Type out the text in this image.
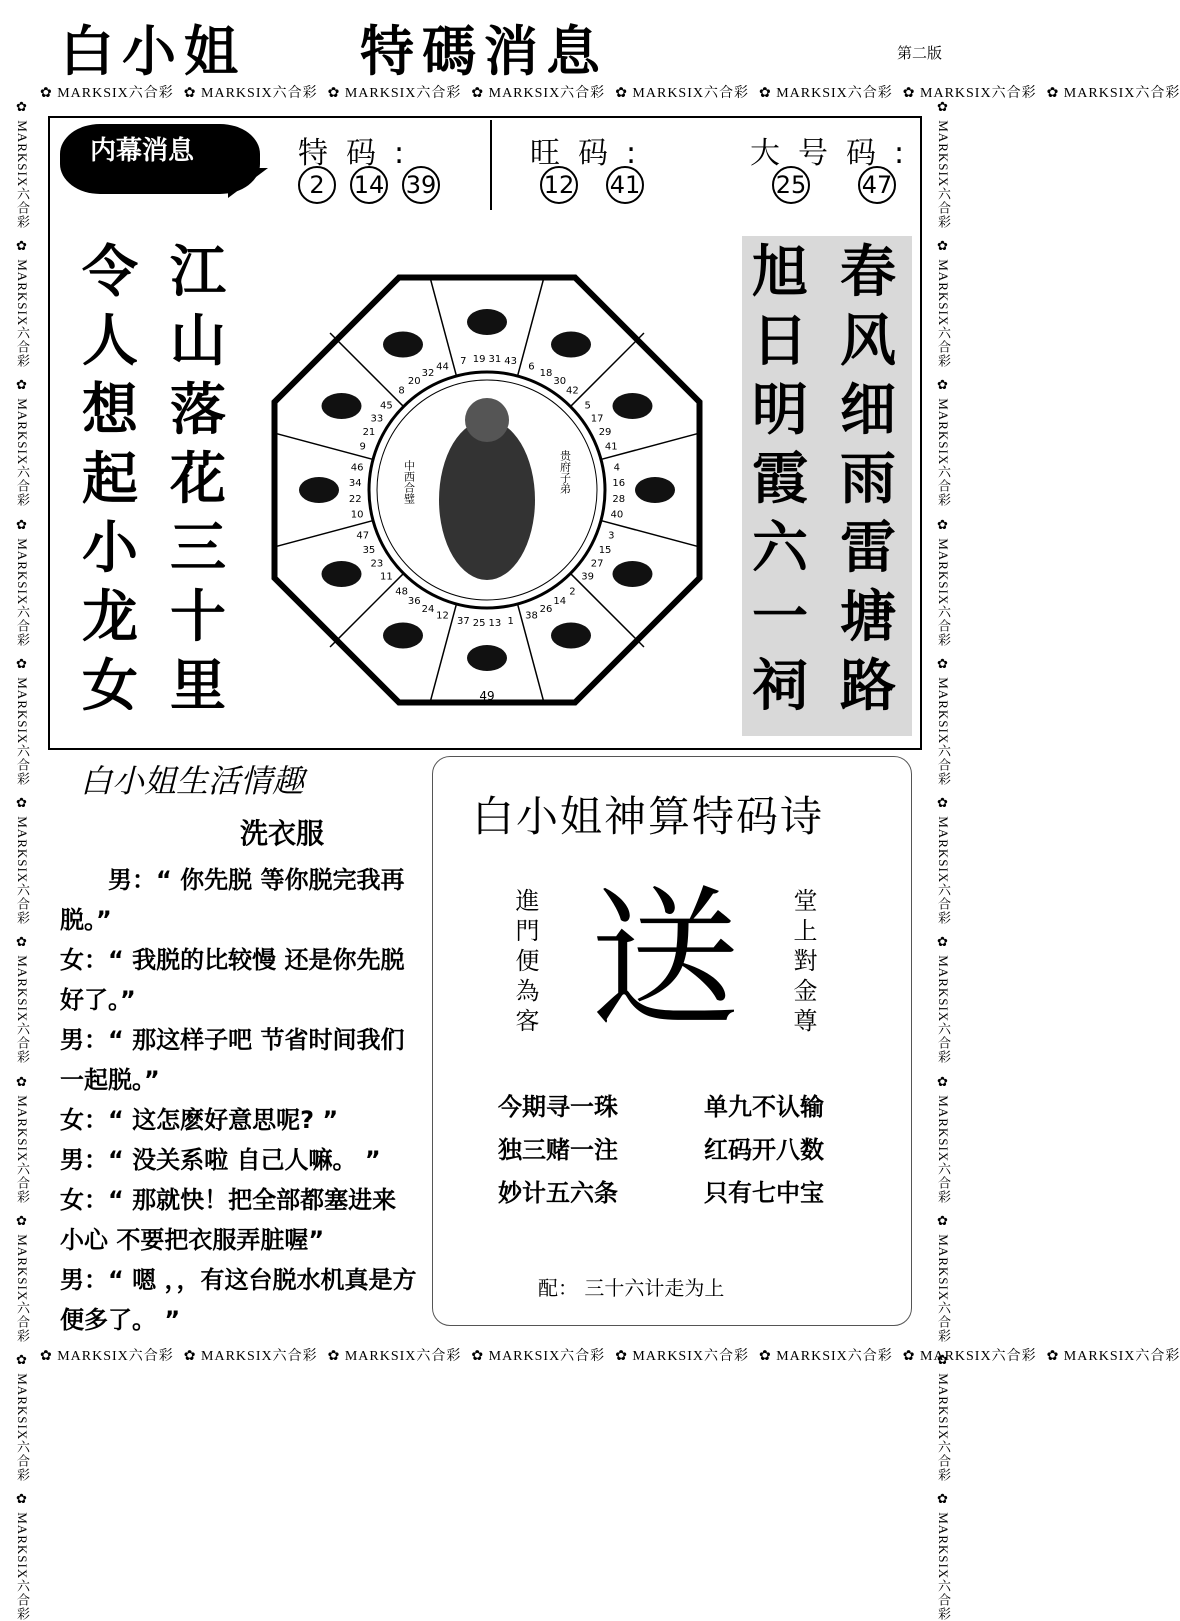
白小姐	特碼消息	第二版
✿ MARKSIX六合彩 ✿ MARKSIX六合彩 ✿ MARKSIX六合彩 ✿ MARKSIX六合彩 ✿ MARKSIX六合彩 ✿ MARKSIX六合彩 ✿ MARKSIX六合彩 ✿ MARKSIX六合彩
✿ MARKSIX六合彩 ✿ MARKSIX六合彩 ✿ MARKSIX六合彩 ✿ MARKSIX六合彩 ✿ MARKSIX六合彩 ✿ MARKSIX六合彩 ✿ MARKSIX六合彩 ✿ MARKSIX六合彩
✿ MARKSIX六合彩
✿ MARKSIX六合彩
✿ MARKSIX六合彩
✿ MARKSIX六合彩
✿ MARKSIX六合彩
✿ MARKSIX六合彩
✿ MARKSIX六合彩
✿ MARKSIX六合彩
✿ MARKSIX六合彩
✿ MARKSIX六合彩
✿ MARKSIX六合彩
✿ MARKSIX六合彩
✿ MARKSIX六合彩
✿ MARKSIX六合彩
✿ MARKSIX六合彩
✿ MARKSIX六合彩
✿ MARKSIX六合彩
✿ MARKSIX六合彩
✿ MARKSIX六合彩
✿ MARKSIX六合彩
✿ MARKSIX六合彩
✿ MARKSIX六合彩
内幕消息	特码:
2	14 39
旺码:
12 41
大号码:
25 47
令
人
想
起
小
龙
女
江
山
落
花
三
十
里
旭
日
明
霞
六
一
祠
春
风
细
雨
雷
塘
路
中西合璧	贵府子弟
7 19 31 43
6
18
30
42
5
17
29
41
4
16
28
40
3
15
27
39
2
14
26
38
1
13
25
37
12
24
36
48
11
23
35
47
10
22
34
46
9
21
33
45
8
20
32
44
49
白小姐生活情趣
洗衣服

　　男：“ 你先脱 等你脱完我再脱。”

女：“ 我脱的比较慢 还是你先脱好了。”

男：“ 那这样子吧 节省时间我们一起脱。”

女：“ 这怎麽好意思呢? ”

男：“ 没关系啦 自己人嘛。 ”

女：“ 那就快！把全部都塞进来 小心 不要把衣服弄脏喔”

男：“ 嗯 ，，有这台脱水机真是方便多了。 ”

白小姐神算特码诗
進門便為客 送 堂上對金尊
今期寻一珠
独三赌一注
妙计五六条
单九不认输
红码开八数
只有七中宝
配： 三十六计走为上
